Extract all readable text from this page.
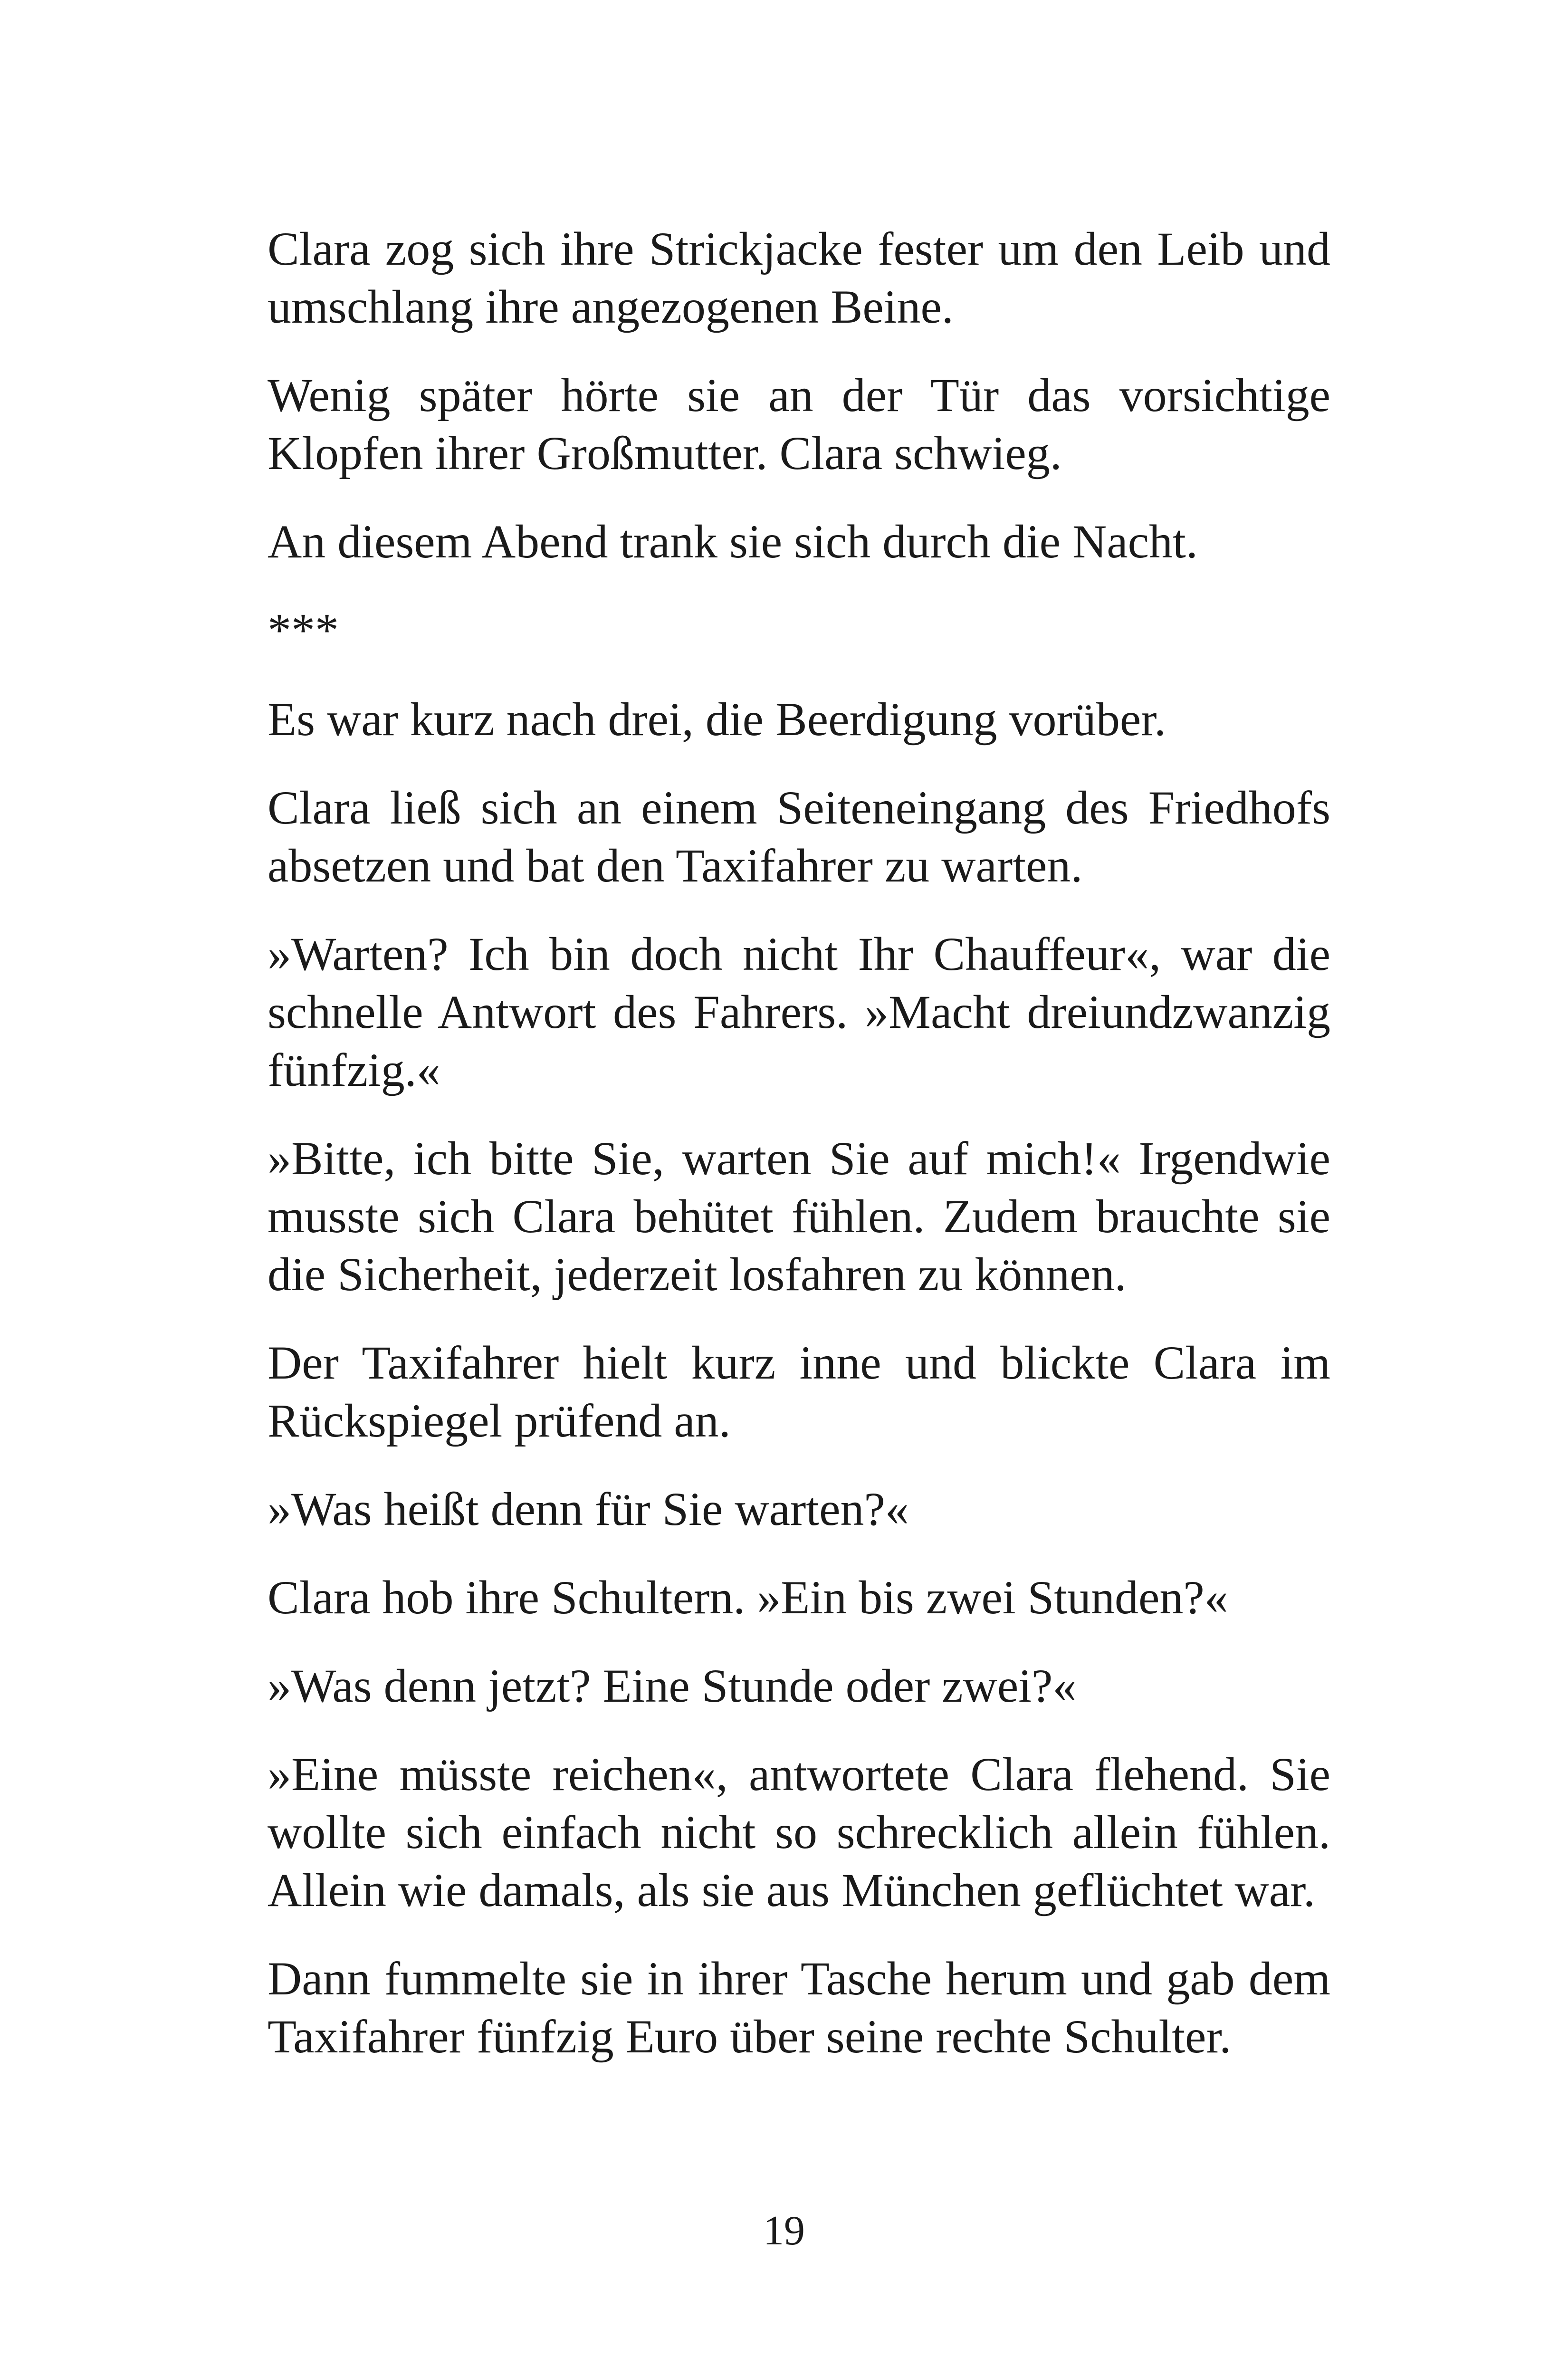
Clara zog sich ihre Strickjacke fester um den Leib und umschlang ihre angezogenen Beine.

Wenig später hörte sie an der Tür das vorsichtige Klopfen ihrer Großmutter. Clara schwieg.

An diesem Abend trank sie sich durch die Nacht.

***

Es war kurz nach drei, die Beerdigung vorüber.

Clara ließ sich an einem Seiteneingang des Friedhofs absetzen und bat den Taxifahrer zu warten.

»Warten? Ich bin doch nicht Ihr Chauffeur«, war die schnelle Antwort des Fahrers. »Macht dreiundzwanzig fünfzig.«

»Bitte, ich bitte Sie, warten Sie auf mich!« Irgendwie musste sich Clara behütet fühlen. Zudem brauchte sie die Sicherheit, jederzeit losfahren zu können.

Der Taxifahrer hielt kurz inne und blickte Clara im Rückspiegel prüfend an.

»Was heißt denn für Sie warten?«

Clara hob ihre Schultern. »Ein bis zwei Stunden?«

»Was denn jetzt? Eine Stunde oder zwei?«

»Eine müsste reichen«, antwortete Clara flehend. Sie wollte sich einfach nicht so schrecklich allein fühlen. Allein wie damals, als sie aus München geflüchtet war.

Dann fummelte sie in ihrer Tasche herum und gab dem Taxifahrer fünfzig Euro über seine rechte Schulter.

19
